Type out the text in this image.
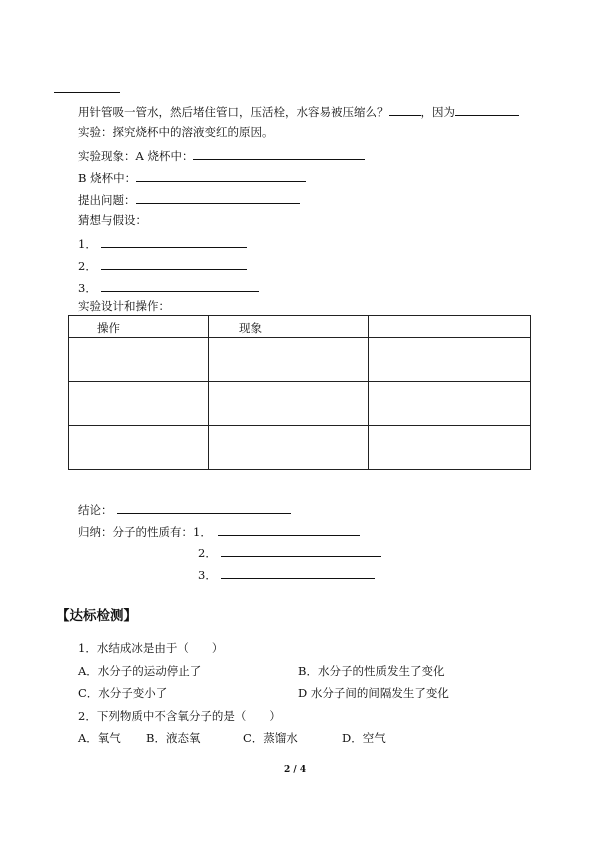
用针管吸一管水，然后堵住管口，压活栓，水容易被压缩么？	，因为
实验：探究烧杯中的溶液变红的原因。
实验现象：A 烧杯中：
B 烧杯中：
提出问题：
猜想与假设：
1．
2．
3．
实验设计和操作：
操作	现象	

结论：
归纳：分子的性质有：1．
2．
3．
【达标检测】
1．水结成冰是由于（　　）
A．水分子的运动停止了	B．水分子的性质发生了变化
C．水分子变小了	D 水分子间的间隔发生了变化
2．下列物质中不含氧分子的是（　　）
A．氧气 B．液态氧	C．蒸馏水	D．空气
2 / 4
